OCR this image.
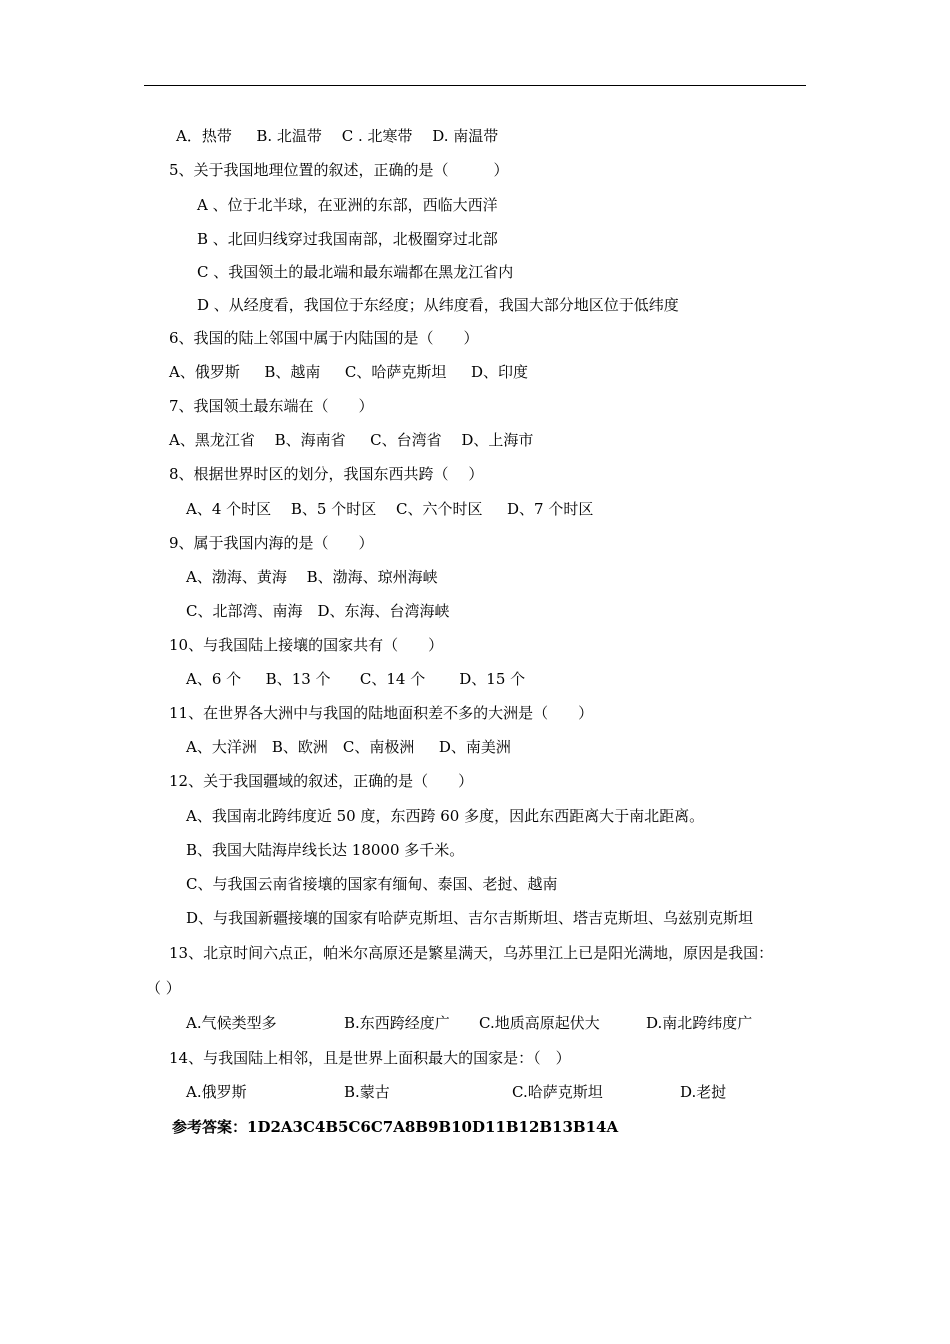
A．热带　  B. 北温带　 C . 北寒带　 D. 南温带
5、关于我国地理位置的叙述，正确的是（　　　）
A 、位于北半球，在亚洲的东部，西临大西洋
B 、北回归线穿过我国南部，北极圈穿过北部
C 、我国领土的最北端和最东端都在黑龙江省内
D 、从经度看，我国位于东经度；从纬度看，我国大部分地区位于低纬度
6、我国的陆上邻国中属于内陆国的是（　　）
A、俄罗斯　  B、越南　  C、哈萨克斯坦　  D、印度
7、我国领土最东端在（　　）
A、黑龙江省　 B、海南省　  C、台湾省　 D、上海市
8、根据世界时区的划分，我国东西共跨（　 ）
A、4 个时区　 B、5 个时区　 C、六个时区　  D、7 个时区
9、属于我国内海的是（　　）
A、渤海、黄海　 B、渤海、琼州海峡
C、北部湾、南海　D、东海、台湾海峡
10、与我国陆上接壤的国家共有（　　）
A、6 个　  B、13 个　   C、14 个　    D、15 个
11、在世界各大洲中与我国的陆地面积差不多的大洲是（　　）
A、大洋洲　B、欧洲　C、南极洲　  D、南美洲
12、关于我国疆域的叙述，正确的是（　　）
A、我国南北跨纬度近 50 度，东西跨 60 多度，因此东西距离大于南北距离。
B、我国大陆海岸线长达 18000 多千米。
C、与我国云南省接壤的国家有缅甸、泰国、老挝、越南
D、与我国新疆接壤的国家有哈萨克斯坦、吉尔吉斯斯坦、塔吉克斯坦、乌兹别克斯坦
13、北京时间六点正，帕米尔高原还是繁星满天，乌苏里江上已是阳光满地，原因是我国：
（ ）
A.气候类型多	B.东西跨经度广 C.地质高原起伏大	D.南北跨纬度广
14、与我国陆上相邻，且是世界上面积最大的国家是：（　）
A.俄罗斯	B.蒙古	C.哈萨克斯坦	D.老挝
参考答案：1D2A3C4B5C6C7A8B9B10D11B12B13B14A
